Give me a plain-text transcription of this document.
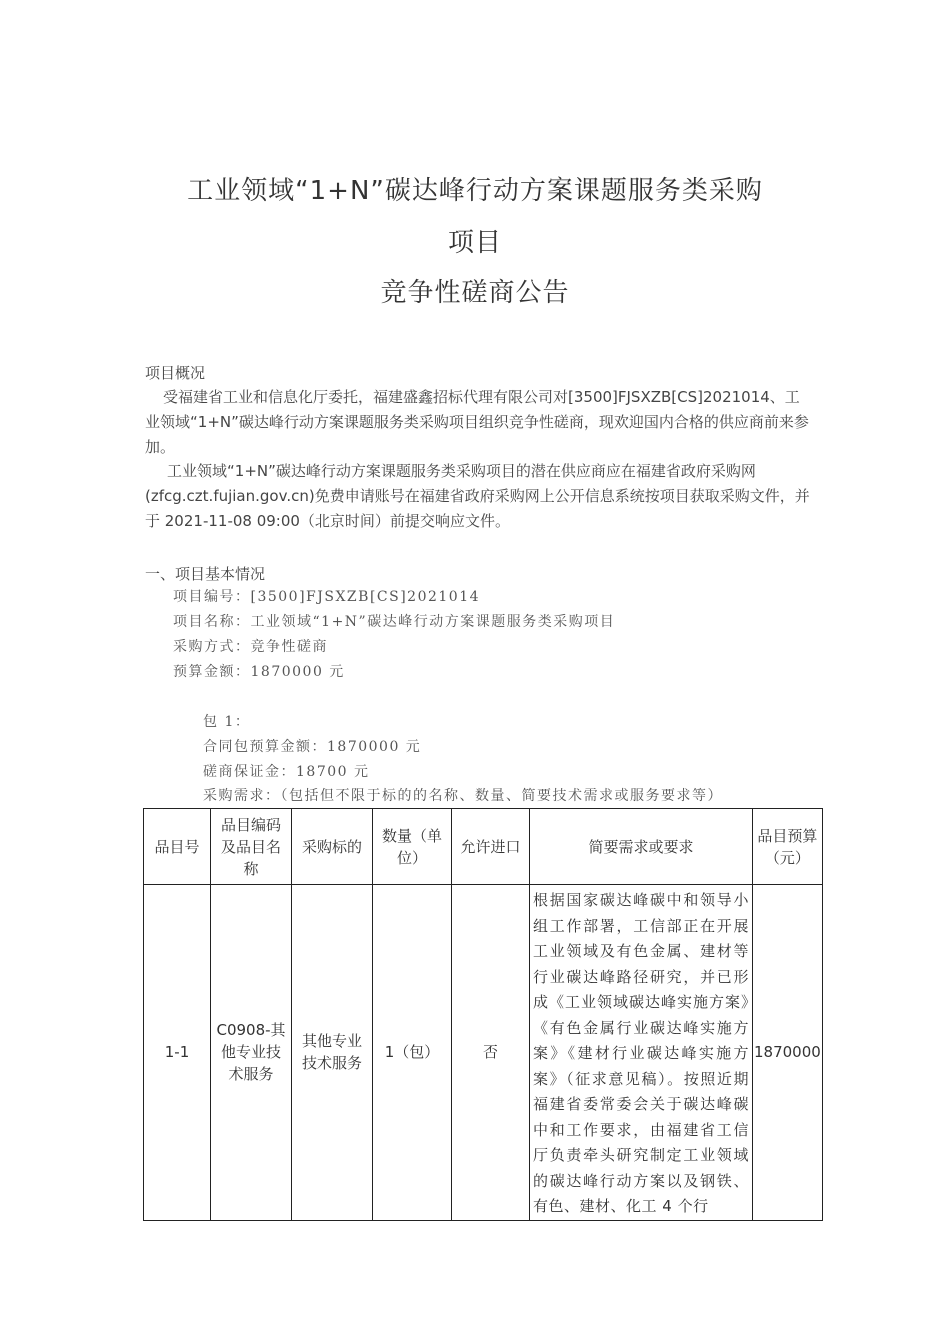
工业领域“1+N”碳达峰行动方案课题服务类采购
项目
竞争性磋商公告
项目概况
受福建省工业和信息化厅委托，福建盛鑫招标代理有限公司对[3500]FJSXZB[CS]2021014、工业领域“1+N”碳达峰行动方案课题服务类采购项目组织竞争性磋商，现欢迎国内合格的供应商前来参加。
工业领域“1+N”碳达峰行动方案课题服务类采购项目的潜在供应商应在福建省政府采购网(zfcg.czt.fujian.gov.cn)免费申请账号在福建省政府采购网上公开信息系统按项目获取采购文件，并于 2021-11-08 09:00（北京时间）前提交响应文件。
一、项目基本情况
项目编号：[3500]FJSXZB[CS]2021014
项目名称：工业领域“1+N”碳达峰行动方案课题服务类采购项目
采购方式：竞争性磋商
预算金额：1870000 元
包 1：
合同包预算金额：1870000 元
磋商保证金：18700 元
采购需求：（包括但不限于标的的名称、数量、简要技术需求或服务要求等）
品目号	品目编码及品目名称	采购标的	数量（单位）	允许进口	简要需求或要求	品目预算（元）
1-1	C0908-其他专业技术服务	其他专业技术服务	1（包）	否	根据国家碳达峰碳中和领导小组工作部署，工信部正在开展工业领域及有色金属、建材等行业碳达峰路径研究，并已形成《工业领域碳达峰实施方案》《有色金属行业碳达峰实施方案》《建材行业碳达峰实施方案》（征求意见稿）。按照近期福建省委常委会关于碳达峰碳中和工作要求，由福建省工信厅负责牵头研究制定工业领域的碳达峰行动方案以及钢铁、有色、建材、化工 4 个行	1870000
